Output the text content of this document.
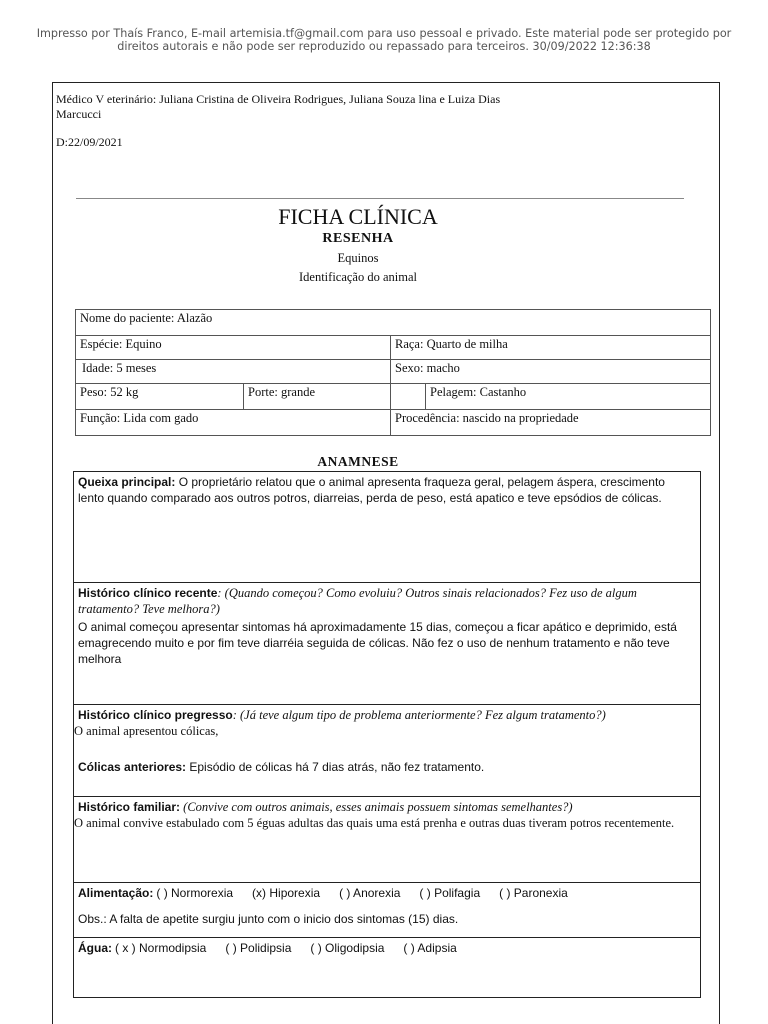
Impresso por Thaís Franco, E-mail artemisia.tf@gmail.com para uso pessoal e privado. Este material pode ser protegido por direitos autorais e não pode ser reproduzido ou repassado para terceiros. 30/09/2022 12:36:38
Médico V eterinário: Juliana Cristina de Oliveira Rodrigues, Juliana Souza lina e Luiza Dias
Marcucci
D:22/09/2021
FICHA CLÍNICA
RESENHA
Equinos
Identificação do animal
Nome do paciente: Alazão			
Espécie: Equino		Raça: Quarto de milha	
Idade: 5 meses		Sexo: macho	
Peso: 52 kg	Porte: grande		Pelagem: Castanho
Função: Lida com gado		Procedência: nascido na propriedade	
ANAMNESE
Queixa principal: O proprietário relatou que o animal apresenta fraqueza geral, pelagem áspera, crescimento lento quando comparado aos outros potros, diarreias, perda de peso, está apatico e teve epsódios de cólicas.
Histórico clínico recente: (Quando começou? Como evoluiu? Outros sinais relacionados? Fez uso de algum tratamento? Teve melhora?)
O animal começou apresentar sintomas há aproximadamente 15 dias, começou a ficar apático e deprimido, está emagrecendo muito e por fim teve diarréia seguida de cólicas. Não fez o uso de nenhum tratamento e não teve melhora
Histórico clínico pregresso: (Já teve algum tipo de problema anteriormente? Fez algum tratamento?)
O animal apresentou cólicas,
Cólicas anteriores: Episódio de cólicas há 7 dias atrás, não fez tratamento.
Histórico familiar: (Convive com outros animais, esses animais possuem sintomas semelhantes?)
O animal convive estabulado com 5 éguas adultas das quais uma está prenha e outras duas tiveram potros recentemente.
Alimentação: ( ) Normorexia (x) Hiporexia ( ) Anorexia ( ) Polifagia ( ) Paronexia
Obs.: A falta de apetite surgiu junto com o inicio dos sintomas (15) dias.
Água: ( x ) Normodipsia ( ) Polidipsia ( ) Oligodipsia ( ) Adipsia
